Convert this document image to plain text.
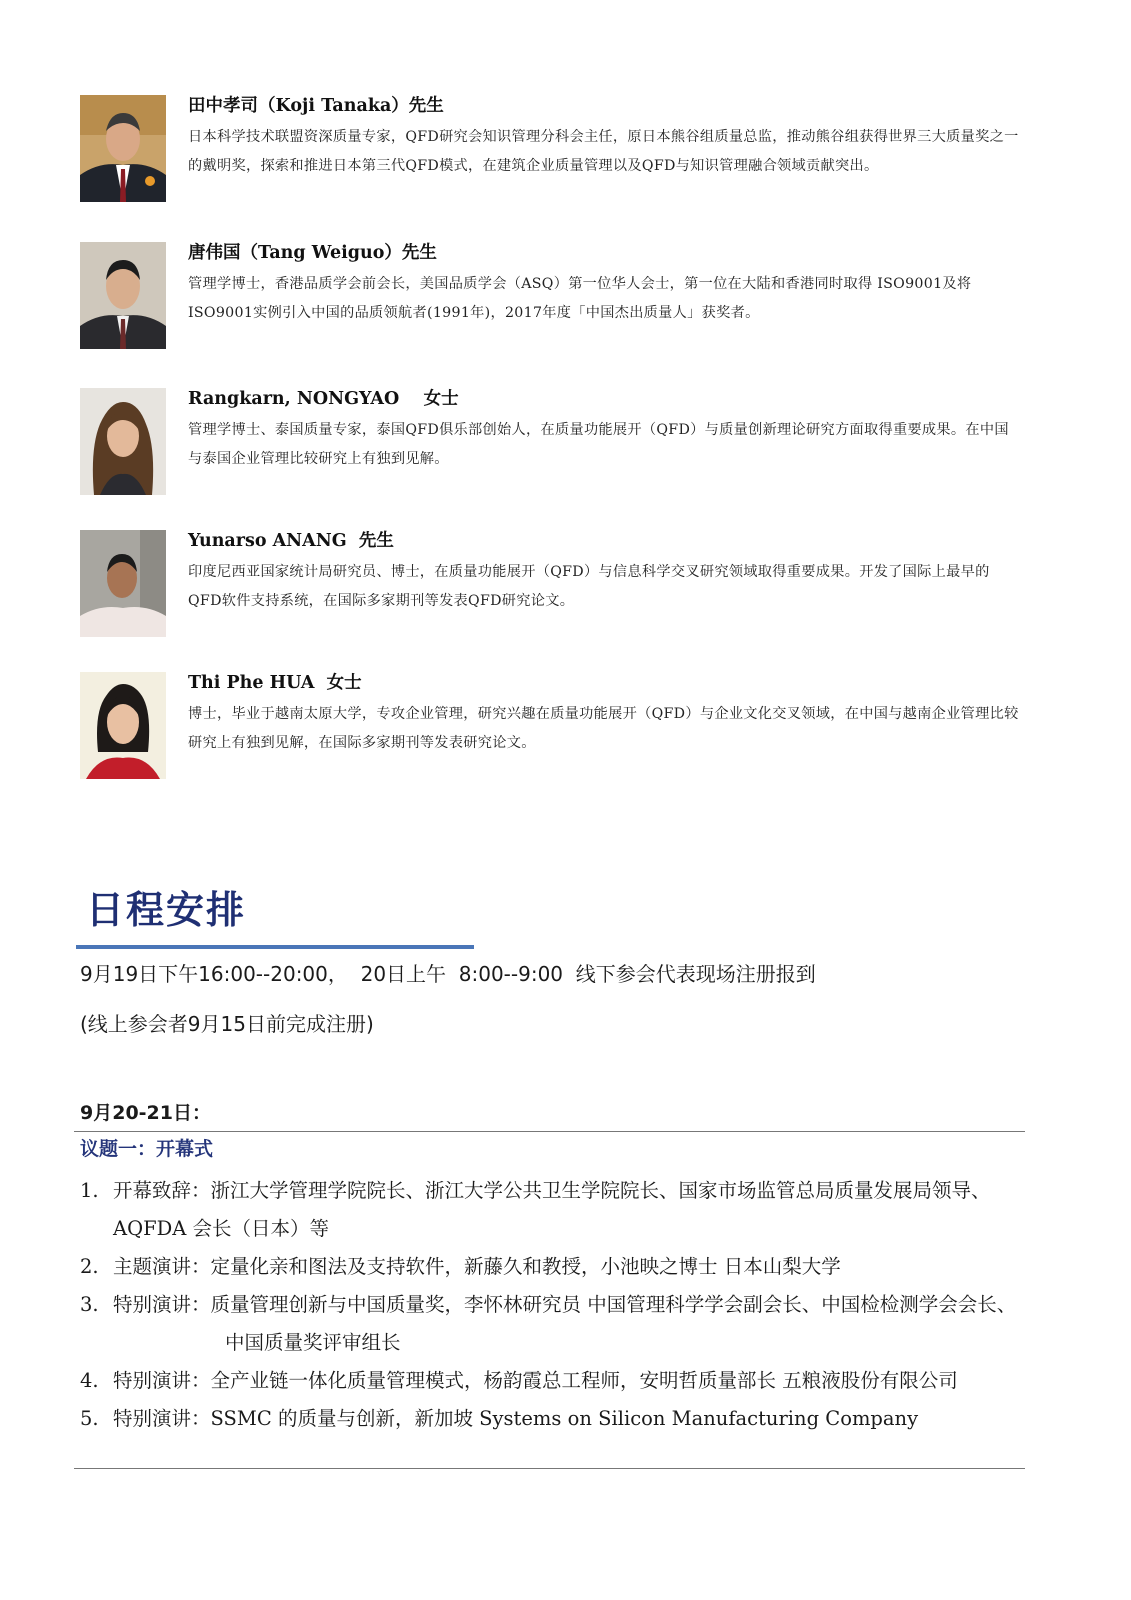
田中孝司（Koji Tanaka）先生
日本科学技术联盟资深质量专家，QFD研究会知识管理分科会主任，原日本熊谷组质量总监，推动熊谷组获得世界三大质量奖之一的戴明奖，探索和推进日本第三代QFD模式，在建筑企业质量管理以及QFD与知识管理融合领域贡献突出。
唐伟国（Tang Weiguo）先生
管理学博士，香港品质学会前会长，美国品质学会（ASQ）第一位华人会士，第一位在大陆和香港同时取得 ISO9001及将ISO9001实例引入中国的品质领航者(1991年)，2017年度「中国杰出质量人」获奖者。
Rangkarn, NONGYAO    女士
管理学博士、泰国质量专家，泰国QFD俱乐部创始人，在质量功能展开（QFD）与质量创新理论研究方面取得重要成果。在中国与泰国企业管理比较研究上有独到见解。
Yunarso ANANG  先生
印度尼西亚国家统计局研究员、博士，在质量功能展开（QFD）与信息科学交叉研究领域取得重要成果。开发了国际上最早的QFD软件支持系统，在国际多家期刊等发表QFD研究论文。
Thi Phe HUA  女士
博士，毕业于越南太原大学，专攻企业管理，研究兴趣在质量功能展开（QFD）与企业文化交叉领域，在中国与越南企业管理比较研究上有独到见解，在国际多家期刊等发表研究论文。
日程安排
9月19日下午16:00--20:00，  20日上午  8:00--9:00  线下参会代表现场注册报到
(线上参会者9月15日前完成注册)
9月20-21日：
议题一：开幕式
1. 开幕致辞：浙江大学管理学院院长、浙江大学公共卫生学院院长、国家市场监管总局质量发展局领导、AQFDA 会长（日本）等
2. 主题演讲：定量化亲和图法及支持软件，新藤久和教授，小池映之博士 日本山梨大学
3. 特别演讲：质量管理创新与中国质量奖，李怀林研究员 中国管理科学学会副会长、中国检检测学会会长、中国质量奖评审组长
4. 特别演讲：全产业链一体化质量管理模式，杨韵霞总工程师，安明哲质量部长 五粮液股份有限公司
5. 特别演讲：SSMC 的质量与创新，新加坡 Systems on Silicon Manufacturing Company
